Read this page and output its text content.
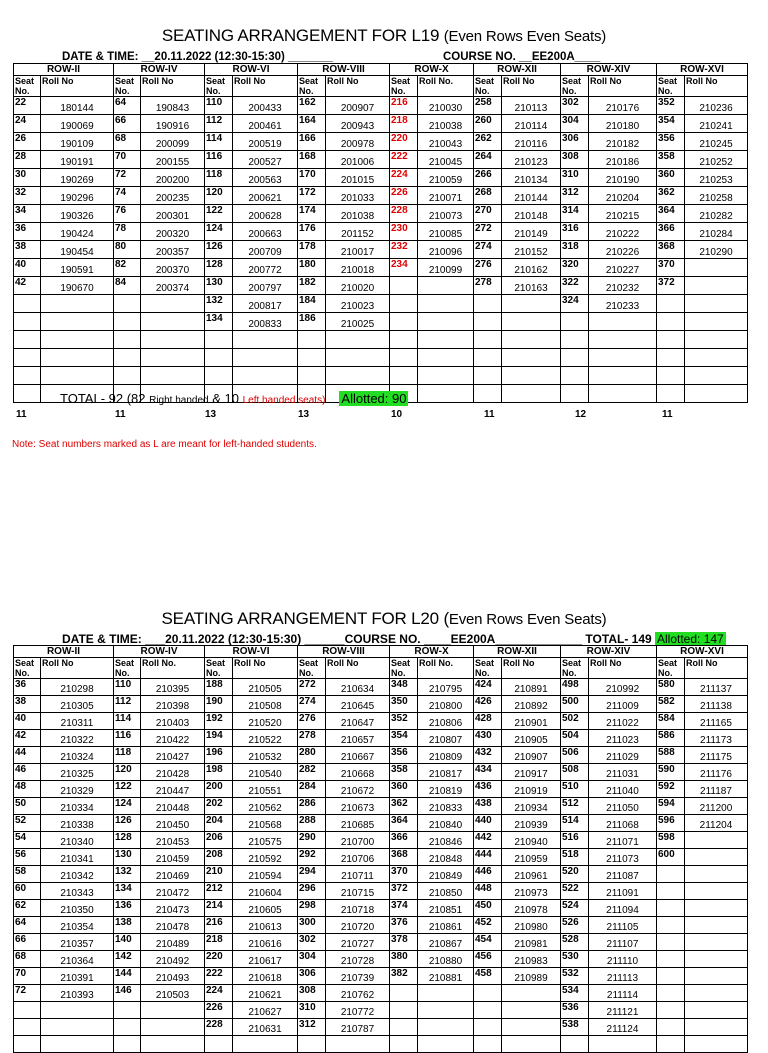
SEATING ARRANGEMENT FOR L19 (Even Rows Even Seats)
DATE & TIME: __20.11.2022 (12:30-15:30) _______	COURSE NO. __EE200A____
ROW-II		ROW-IV		ROW-VI		ROW-VIII		ROW-X		ROW-XII		ROW-XIV		ROW-XVI	
Seat No.	Roll No	Seat No.	Roll No	Seat No.	Roll No	Seat No.	Roll No	Seat No.	Roll No.	Seat No.	Roll No	Seat No.	Roll No	Seat No.	Roll No
22	180144	64	190843	110	200433	162	200907	216	210030	258	210113	302	210176	352	210236
24	190069	66	190916	112	200461	164	200943	218	210038	260	210114	304	210180	354	210241
26	190109	68	200099	114	200519	166	200978	220	210043	262	210116	306	210182	356	210245
28	190191	70	200155	116	200527	168	201006	222	210045	264	210123	308	210186	358	210252
30	190269	72	200200	118	200563	170	201015	224	210059	266	210134	310	210190	360	210253
32	190296	74	200235	120	200621	172	201033	226	210071	268	210144	312	210204	362	210258
34	190326	76	200301	122	200628	174	201038	228	210073	270	210148	314	210215	364	210282
36	190424	78	200320	124	200663	176	201152	230	210085	272	210149	316	210222	366	210284
38	190454	80	200357	126	200709	178	210017	232	210096	274	210152	318	210226	368	210290
40	190591	82	200370	128	200772	180	210018	234	210099	276	210162	320	210227	370	
42	190670	84	200374	130	200797	182	210020			278	210163	322	210232	372	
				132	200817	184	210023					324	210233		
				134	200833	186	210025								

TOTAL- 92 (82 Right handed & 10 Left handed seats) Allotted: 90
11	11	13	13	10	11	12	11
Note: Seat numbers marked as L are meant for left-handed students.
SEATING ARRANGEMENT FOR L20 (Even Rows Even Seats)
DATE & TIME: ___20.11.2022 (12:30-15:30) ______COURSE NO. ____EE200A_____________ TOTAL- 149 Allotted: 147
ROW-II		ROW-IV		ROW-VI		ROW-VIII		ROW-X		ROW-XII		ROW-XIV		ROW-XVI	
Seat No.	Roll No	Seat No.	Roll No.	Seat No.	Roll No	Seat No.	Roll No	Seat No.	Roll No.	Seat No.	Roll No	Seat No.	Roll No	Seat No.	Roll No
36	210298	110	210395	188	210505	272	210634	348	210795	424	210891	498	210992	580	211137
38	210305	112	210398	190	210508	274	210645	350	210800	426	210892	500	211009	582	211138
40	210311	114	210403	192	210520	276	210647	352	210806	428	210901	502	211022	584	211165
42	210322	116	210422	194	210522	278	210657	354	210807	430	210905	504	211023	586	211173
44	210324	118	210427	196	210532	280	210667	356	210809	432	210907	506	211029	588	211175
46	210325	120	210428	198	210540	282	210668	358	210817	434	210917	508	211031	590	211176
48	210329	122	210447	200	210551	284	210672	360	210819	436	210919	510	211040	592	211187
50	210334	124	210448	202	210562	286	210673	362	210833	438	210934	512	211050	594	211200
52	210338	126	210450	204	210568	288	210685	364	210840	440	210939	514	211068	596	211204
54	210340	128	210453	206	210575	290	210700	366	210846	442	210940	516	211071	598	
56	210341	130	210459	208	210592	292	210706	368	210848	444	210959	518	211073	600	
58	210342	132	210469	210	210594	294	210711	370	210849	446	210961	520	211087		
60	210343	134	210472	212	210604	296	210715	372	210850	448	210973	522	211091		
62	210350	136	210473	214	210605	298	210718	374	210851	450	210978	524	211094		
64	210354	138	210478	216	210613	300	210720	376	210861	452	210980	526	211105		
66	210357	140	210489	218	210616	302	210727	378	210867	454	210981	528	211107		
68	210364	142	210492	220	210617	304	210728	380	210880	456	210983	530	211110		
70	210391	144	210493	222	210618	306	210739	382	210881	458	210989	532	211113		
72	210393	146	210503	224	210621	308	210762					534	211114		
				226	210627	310	210772					536	211121		
				228	210631	312	210787					538	211124		
